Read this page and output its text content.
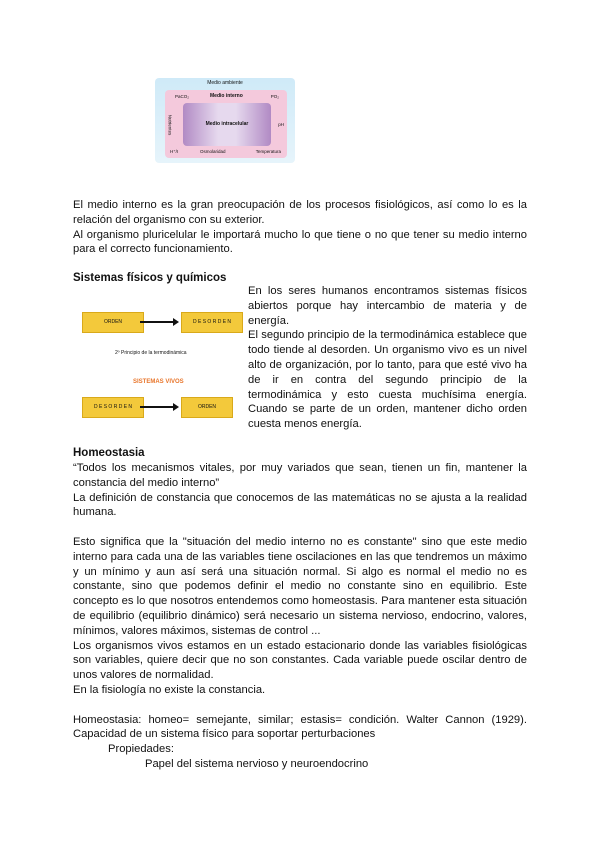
Medio ambiente
PaCO₂	Medio interno	PO₂
Nutrientes	pH
Medio intracelular
H⁺/I	Osmolaridad	Temperatura

El medio interno es la gran preocupación de los procesos fisiológicos, así como lo es la relación del organismo con su exterior.

Al organismo pluricelular le importará mucho lo que tiene o no que tener su medio interno para el correcto funcionamiento.

Sistemas físicos y químicos
ORDEN	D E S O R D E N
2º Principio de la termodinámica
SISTEMAS VIVOS
D E S O R D E N	ORDEN

En los seres humanos encontramos sistemas físicos abiertos porque hay intercambio de materia y de energía.

El segundo principio de la termodinámica establece que todo tiende al desorden. Un organismo vivo es un nivel alto de organización, por lo tanto, para que esté vivo ha de ir en contra del segundo principio de la termodinámica y esto cuesta muchísima energía. Cuando se parte de un orden, mantener dicho orden cuesta menos energía.

Homeostasia

“Todos los mecanismos vitales, por muy variados que sean, tienen un fin, mantener la constancia del medio interno”

La definición de constancia que conocemos de las matemáticas no se ajusta a la realidad humana.

Esto significa que la "situación del medio interno no es constante" sino que este medio interno para cada una de las variables tiene oscilaciones en las que tendremos un máximo y un mínimo y aun así será una situación normal. Si algo es normal el medio no es constante, sino que podemos definir el medio no constante sino en equilibrio. Este concepto es lo que nosotros entendemos como homeostasis. Para mantener esta situación de equilibrio (equilibrio dinámico) será necesario un sistema nervioso, endocrino, valores, mínimos, valores máximos, sistemas de control ...

Los organismos vivos estamos en un estado estacionario donde las variables fisiológicas son variables, quiere decir que no son constantes. Cada variable puede oscilar dentro de unos valores de normalidad.

En la fisiología no existe la constancia.

Homeostasia: homeo= semejante, similar; estasis= condición. Walter Cannon (1929). Capacidad de un sistema físico para soportar perturbaciones

Propiedades:

Papel del sistema nervioso y neuroendocrino
